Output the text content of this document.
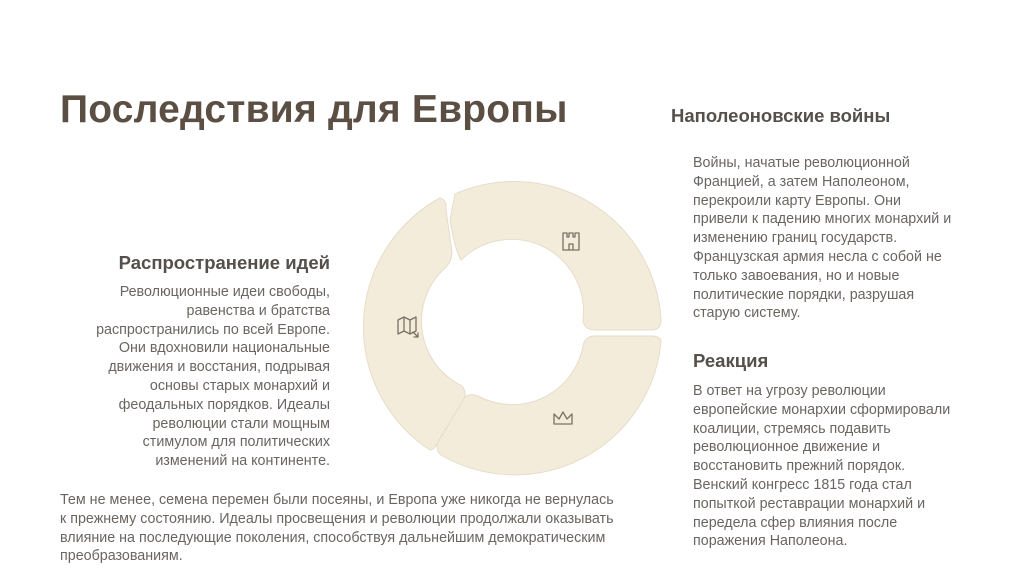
Последствия для Европы
Распространение идей

Революционные идеи свободы, равенства и братства распространились по всей Европе. Они вдохновили национальные движения и восстания, подрывая основы старых монархий и феодальных порядков. Идеалы революции стали мощным стимулом для политических изменений на континенте.

Наполеоновские войны

Войны, начатые революционной Францией, а затем Наполеоном, перекроили карту Европы. Они привели к падению многих монархий и изменению границ государств. Французская армия несла с собой не только завоевания, но и новые политические порядки, разрушая старую систему.

Реакция

В ответ на угрозу революции европейские монархии сформировали коалиции, стремясь подавить революционное движение и восстановить прежний порядок. Венский конгресс 1815 года стал попыткой реставрации монархий и передела сфер влияния после поражения Наполеона.

Тем не менее, семена перемен были посеяны, и Европа уже никогда не вернулась к прежнему состоянию. Идеалы просвещения и революции продолжали оказывать влияние на последующие поколения, способствуя дальнейшим демократическим преобразованиям.
